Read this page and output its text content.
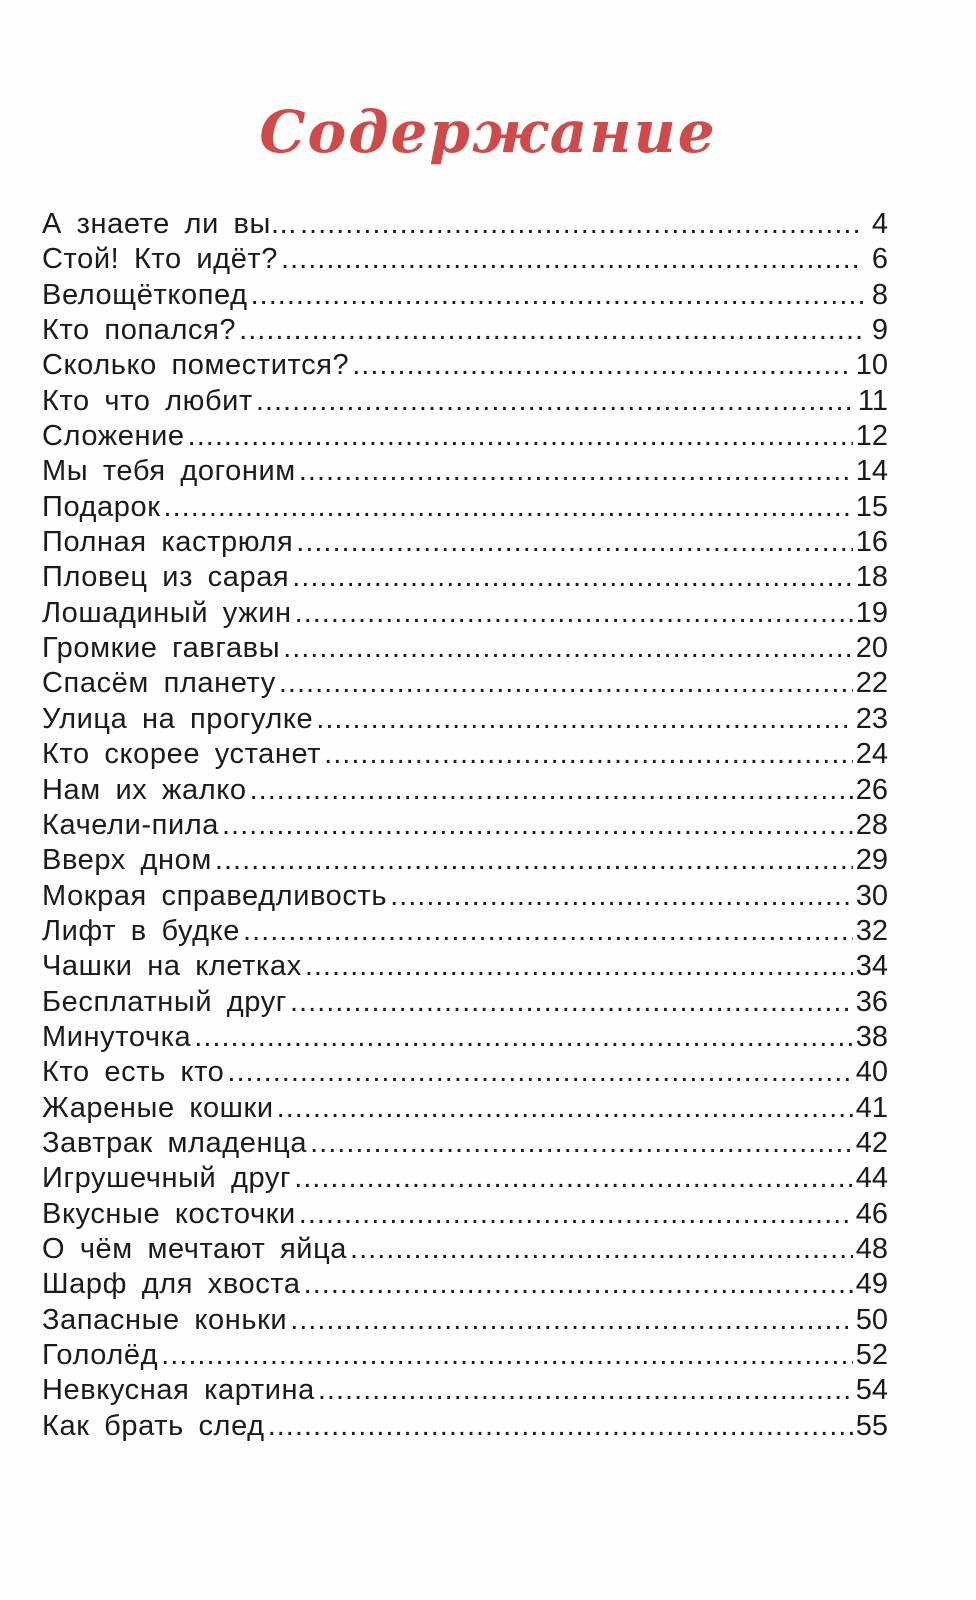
Содержание
А знаете ли вы... .....	4
Стой! Кто идёт? .....	6
Велощёткопед .....	8
Кто попался? .....	9
Сколько поместится? .....	10
Кто что любит .....	11
Сложение .....	12
Мы тебя догоним .....	14
Подарок .....	15
Полная кастрюля .....	16
Пловец из сарая .....	18
Лошадиный ужин .....	19
Громкие гавгавы .....	20
Спасём планету .....	22
Улица на прогулке .....	23
Кто скорее устанет .....	24
Нам их жалко .....	26
Качели-пила .....	28
Вверх дном .....	29
Мокрая справедливость .....	30
Лифт в будке .....	32
Чашки на клетках .....	34
Бесплатный друг .....	36
Минуточка .....	38
Кто есть кто .....	40
Жареные кошки .....	41
Завтрак младенца .....	42
Игрушечный друг .....	44
Вкусные косточки .....	46
О чём мечтают яйца .....	48
Шарф для хвоста .....	49
Запасные коньки .....	50
Гололёд .....	52
Невкусная картина .....	54
Как брать след .....	55
